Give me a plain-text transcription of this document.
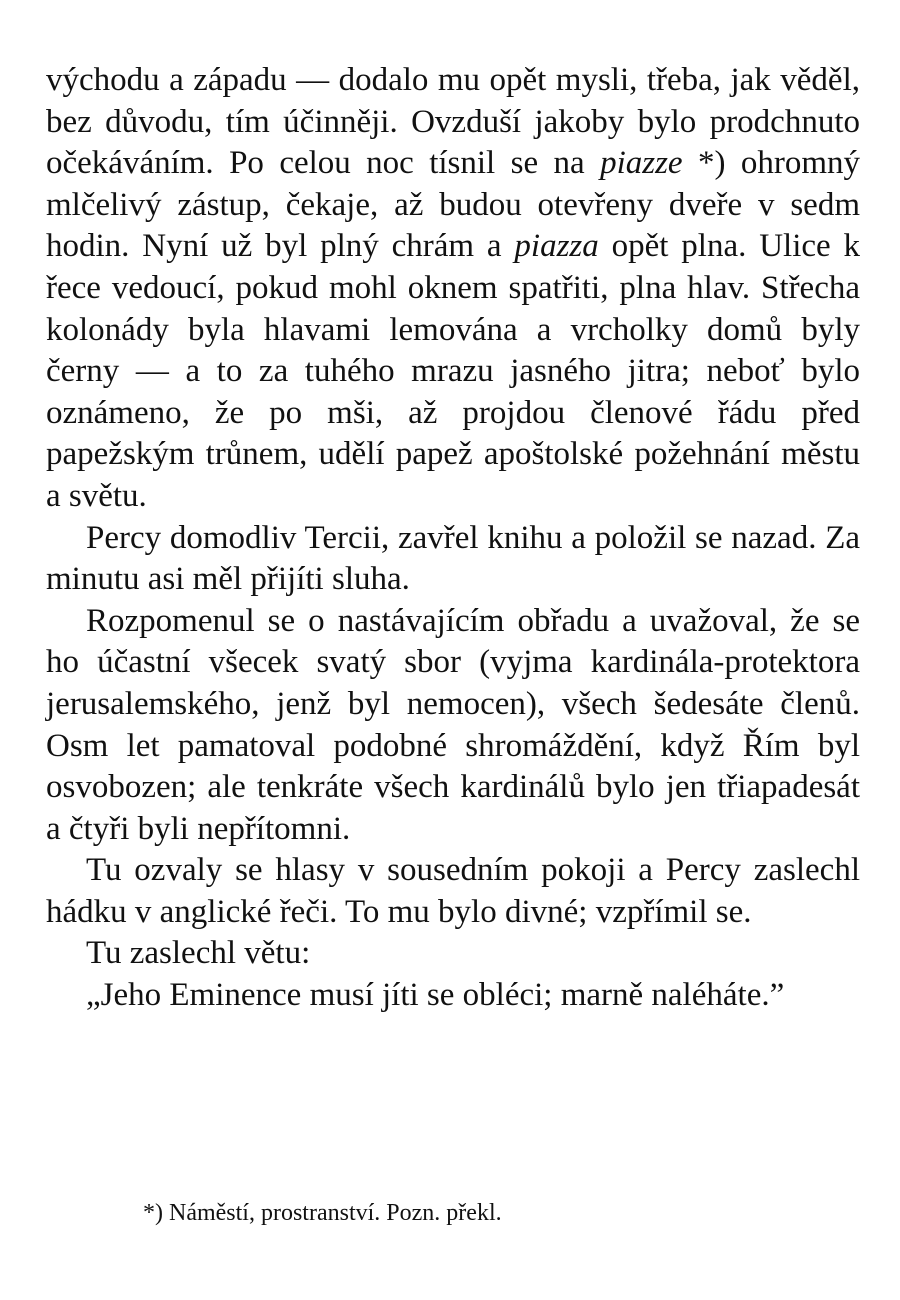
východu a západu — dodalo mu opět mysli, třeba, jak věděl, bez důvodu, tím účinněji. Ovzduší jakoby bylo prodchnuto očekáváním. Po celou noc tísnil se na piazze *) ohromný mlčelivý zástup, čekaje, až budou otevřeny dveře v sedm hodin. Nyní už byl plný chrám a piazza opět plna. Ulice k řece vedoucí, pokud mohl oknem spatřiti, plna hlav. Střecha kolonády byla hlavami lemována a vrcholky domů byly černy — a to za tuhého mrazu jasného jitra; neboť bylo oznámeno, že po mši, až projdou členové řádu před papežským trůnem, udělí papež apoštolské požehnání městu a světu.

Percy domodliv Tercii, zavřel knihu a položil se nazad. Za minutu asi měl přijíti sluha.

Rozpomenul se o nastávajícím obřadu a uvažoval, že se ho účastní všecek svatý sbor (vyjma kardinála-protektora jerusalemského, jenž byl nemocen), všech šedesáte členů. Osm let pamatoval podobné shromáždění, když Řím byl osvobozen; ale tenkráte všech kardinálů bylo jen třiapadesát a čtyři byli nepřítomni.

Tu ozvaly se hlasy v sousedním pokoji a Percy zaslechl hádku v anglické řeči. To mu bylo divné; vzpřímil se.

Tu zaslechl větu:

„Jeho Eminence musí jíti se obléci; marně naléháte.”

*) Náměstí, prostranství. Pozn. překl.
